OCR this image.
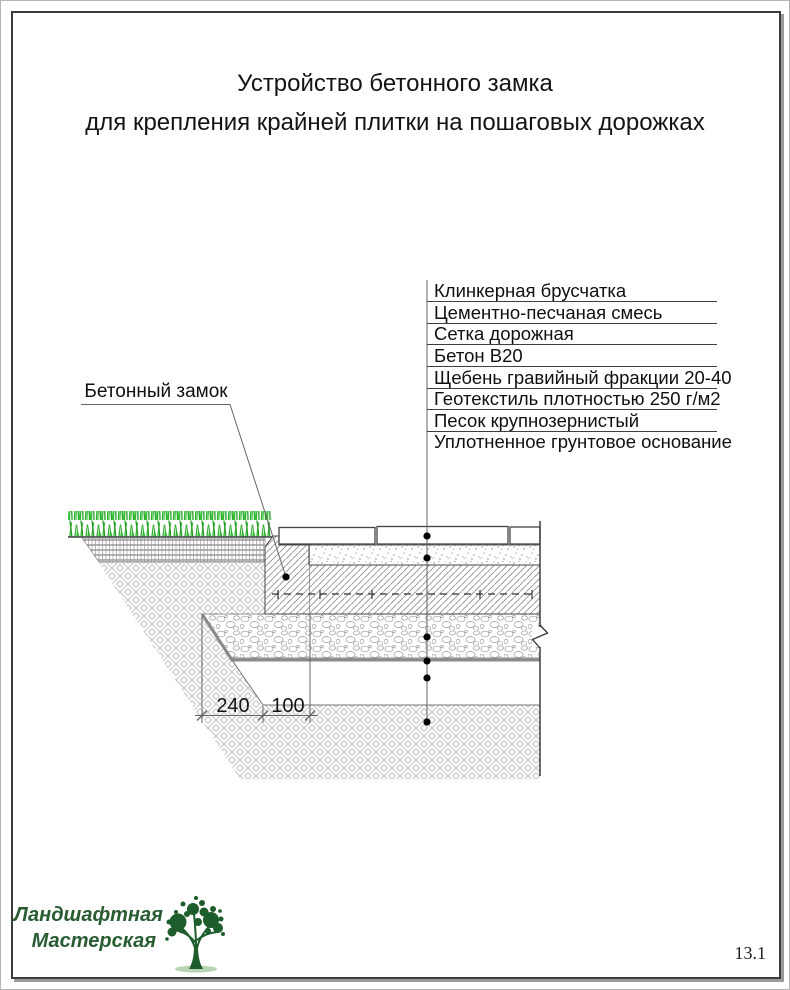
Устройство бетонного замка
для крепления крайней плитки на пошаговых дорожках
Клинкерная брусчатка
Цементно-песчаная смесь
Сетка дорожная
Бетон В20
Щебень гравийный фракции 20-40
Геотекстиль плотностью 250 г/м2
Песок крупнозернистый
Уплотненное грунтовое основание
Бетонный замок
240	100
Ландшафтная
Мастерская
13.1
